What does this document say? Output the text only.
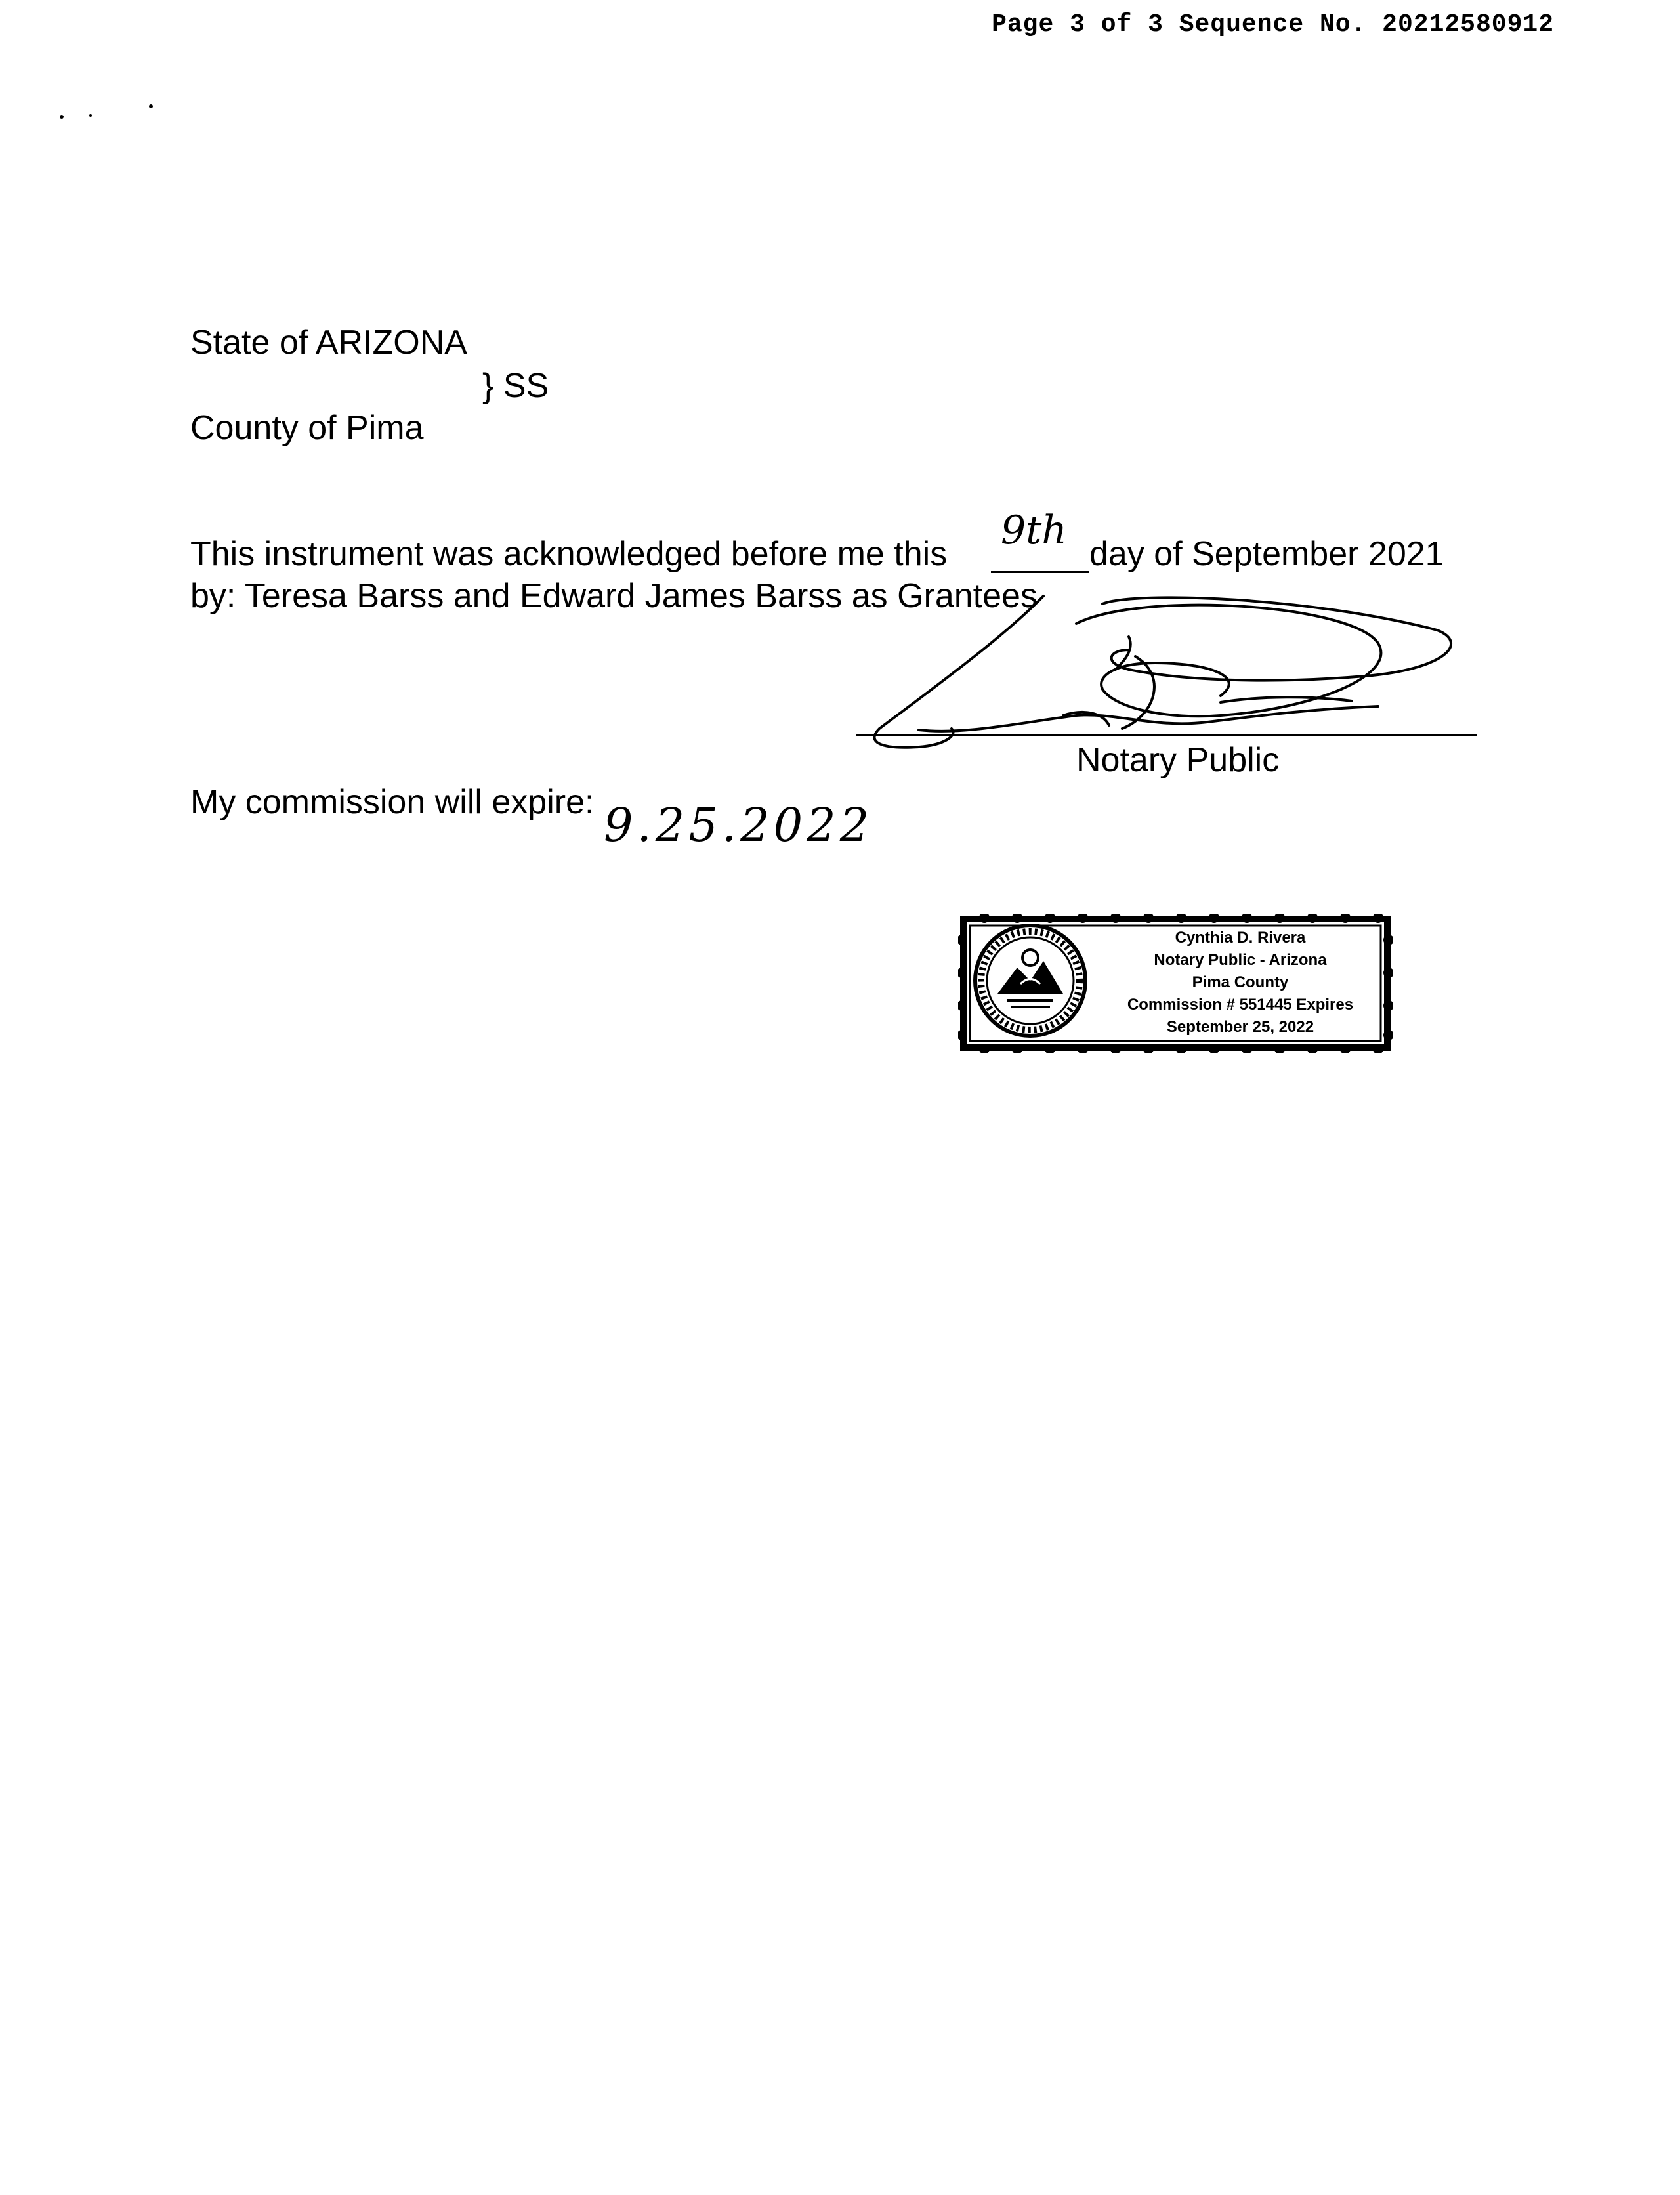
Page 3 of 3 Sequence No. 20212580912
State of ARIZONA
} SS
County of Pima
This instrument was acknowledged before me this
9th
day of September 2021
by: Teresa Barss and Edward James Barss as Grantees
Notary Public
My commission will expire: 9.25.2022
Cynthia D. Rivera
Notary Public - Arizona
Pima County
Commission # 551445 Expires
September 25, 2022
